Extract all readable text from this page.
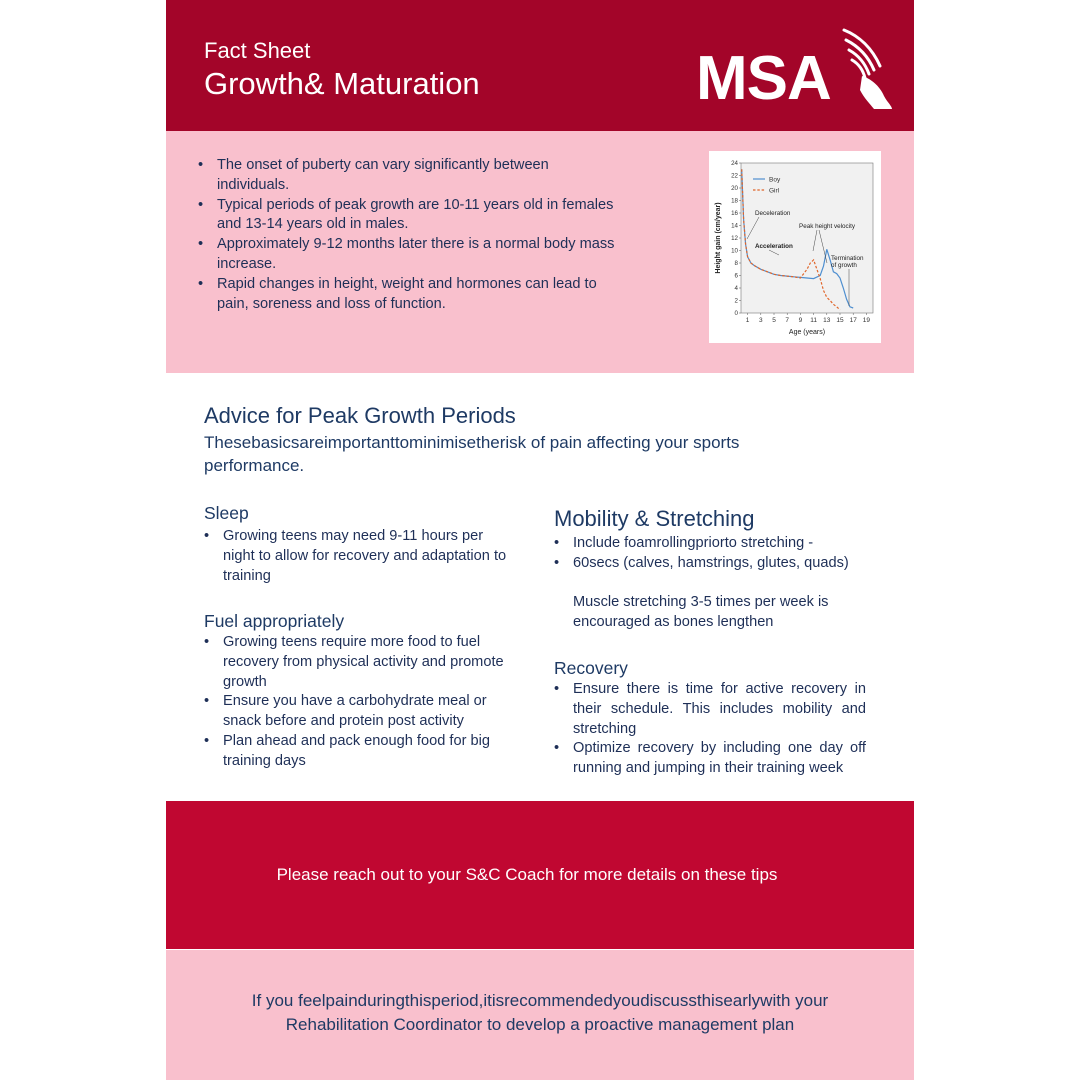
Fact Sheet
Growth& Maturation	MSA
• The onset of puberty can vary significantly between individuals.
• Typical periods of peak growth are 10-11 years old in females and 13-14 years old in males.
• Approximately 9-12 months later there is a normal body mass increase.
• Rapid changes in height, weight and hormones can lead to pain, soreness and loss of function.
0
2
4
6
8
10
12
14
16
18
20
22
24
1 3 5 7 9 11 13 15 17 19
Deceleration
Acceleration
Peak height velocity
Termination
of growth
Boy
Girl
Age (years)
Height gain (cm/year)
Advice for Peak Growth Periods
Thesebasicsareimportanttominimisetherisk of pain affecting your sports performance.
Sleep
• Growing teens may need 9-11 hours per night to allow for recovery and adaptation to training
Fuel appropriately
• Growing teens require more food to fuel recovery from physical activity and promote growth
• Ensure you have a carbohydrate meal or snack before and protein post activity
• Plan ahead and pack enough food for big training days
Mobility & Stretching
• Include foamrollingpriorto stretching -
• 60secs (calves, hamstrings, glutes, quads)
Muscle stretching 3-5 times per week is encouraged as bones lengthen
Recovery
• Ensure there is time for active recovery in their schedule. This includes mobility and stretching
• Optimize recovery by including one day off running and jumping in their training week
Please reach out to your S&C Coach for more details on these tips
If you feelpainduringthisperiod,itisrecommendedyoudiscussthisearlywith your
Rehabilitation Coordinator to develop a proactive management plan
